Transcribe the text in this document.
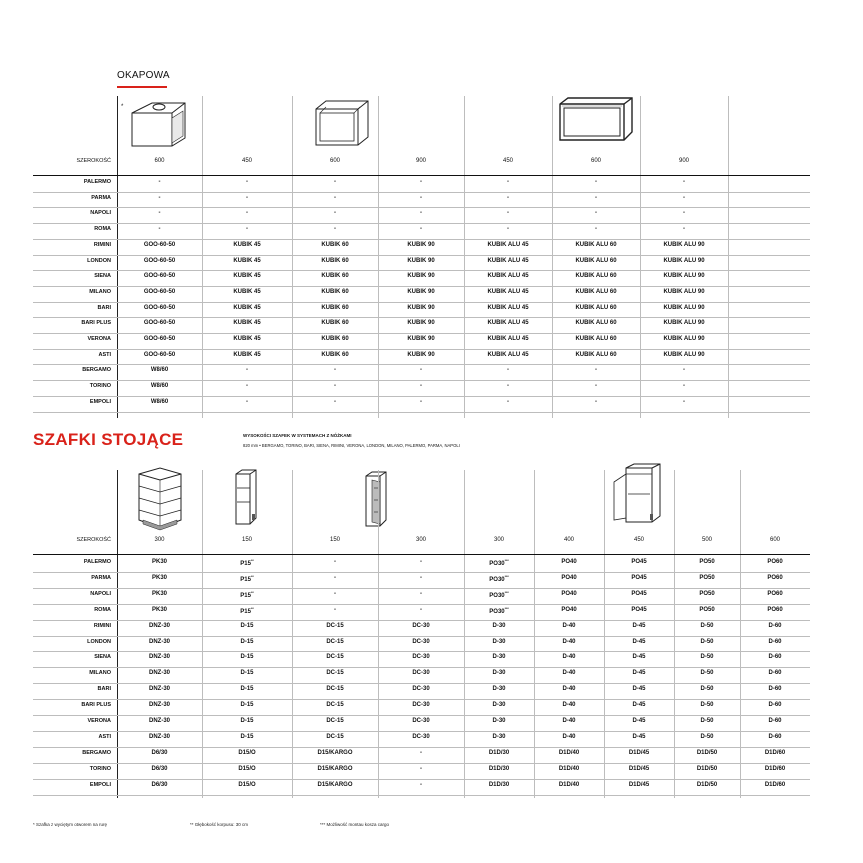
OKAPOWA
SZAFKI STOJĄCE	WYSOKOŚCI SZAFEK W SYSTEMACH Z NÓŻKAMI
820 mm • BERGAMO, TORINO, BARI, SIENA, RIMINI, VERONA, LONDON, MILANO, PALERMO, PARMA, NAPOLI
*
SZEROKOŚĆ	600	450	600	900	450	600	900
PALERMO	-	-	-	-	-	-	-
PARMA	-	-	-	-	-	-	-
NAPOLI	-	-	-	-	-	-	-
ROMA	-	-	-	-	-	-	-
RIMINI	GOO-60-50	KUBIK 45	KUBIK 60	KUBIK 90	KUBIK ALU 45	KUBIK ALU 60	KUBIK ALU 90
LONDON	GOO-60-50	KUBIK 45	KUBIK 60	KUBIK 90	KUBIK ALU 45	KUBIK ALU 60	KUBIK ALU 90
SIENA	GOO-60-50	KUBIK 45	KUBIK 60	KUBIK 90	KUBIK ALU 45	KUBIK ALU 60	KUBIK ALU 90
MILANO	GOO-60-50	KUBIK 45	KUBIK 60	KUBIK 90	KUBIK ALU 45	KUBIK ALU 60	KUBIK ALU 90
BARI	GOO-60-50	KUBIK 45	KUBIK 60	KUBIK 90	KUBIK ALU 45	KUBIK ALU 60	KUBIK ALU 90
BARI PLUS	GOO-60-50	KUBIK 45	KUBIK 60	KUBIK 90	KUBIK ALU 45	KUBIK ALU 60	KUBIK ALU 90
VERONA	GOO-60-50	KUBIK 45	KUBIK 60	KUBIK 90	KUBIK ALU 45	KUBIK ALU 60	KUBIK ALU 90
ASTI	GOO-60-50	KUBIK 45	KUBIK 60	KUBIK 90	KUBIK ALU 45	KUBIK ALU 60	KUBIK ALU 90
BERGAMO	W8/60	-	-	-	-	-	-
TORINO	W8/60	-	-	-	-	-	-
EMPOLI	W8/60	-	-	-	-	-	-
SZEROKOŚĆ	300	150	150	300	300	400	450	500	600
PALERMO	PK30	P15**	-	-	PO30***	PO40	PO45	PO50	PO60
PARMA	PK30	P15**	-	-	PO30***	PO40	PO45	PO50	PO60
NAPOLI	PK30	P15**	-	-	PO30***	PO40	PO45	PO50	PO60
ROMA	PK30	P15**	-	-	PO30***	PO40	PO45	PO50	PO60
RIMINI	DNZ-30	D-15	DC-15	DC-30	D-30	D-40	D-45	D-50	D-60
LONDON	DNZ-30	D-15	DC-15	DC-30	D-30	D-40	D-45	D-50	D-60
SIENA	DNZ-30	D-15	DC-15	DC-30	D-30	D-40	D-45	D-50	D-60
MILANO	DNZ-30	D-15	DC-15	DC-30	D-30	D-40	D-45	D-50	D-60
BARI	DNZ-30	D-15	DC-15	DC-30	D-30	D-40	D-45	D-50	D-60
BARI PLUS	DNZ-30	D-15	DC-15	DC-30	D-30	D-40	D-45	D-50	D-60
VERONA	DNZ-30	D-15	DC-15	DC-30	D-30	D-40	D-45	D-50	D-60
ASTI	DNZ-30	D-15	DC-15	DC-30	D-30	D-40	D-45	D-50	D-60
BERGAMO	D6/30	D15/O	D15/KARGO	-	D1D/30	D1D/40	D1D/45	D1D/50	D1D/60
TORINO	D6/30	D15/O	D15/KARGO	-	D1D/30	D1D/40	D1D/45	D1D/50	D1D/60
EMPOLI	D6/30	D15/O	D15/KARGO	-	D1D/30	D1D/40	D1D/45	D1D/50	D1D/60
* Szafka z wyciętym otworem na rurę	** Głębokość korpusu: 30 cm	*** Możliwość montau kosza cargo
